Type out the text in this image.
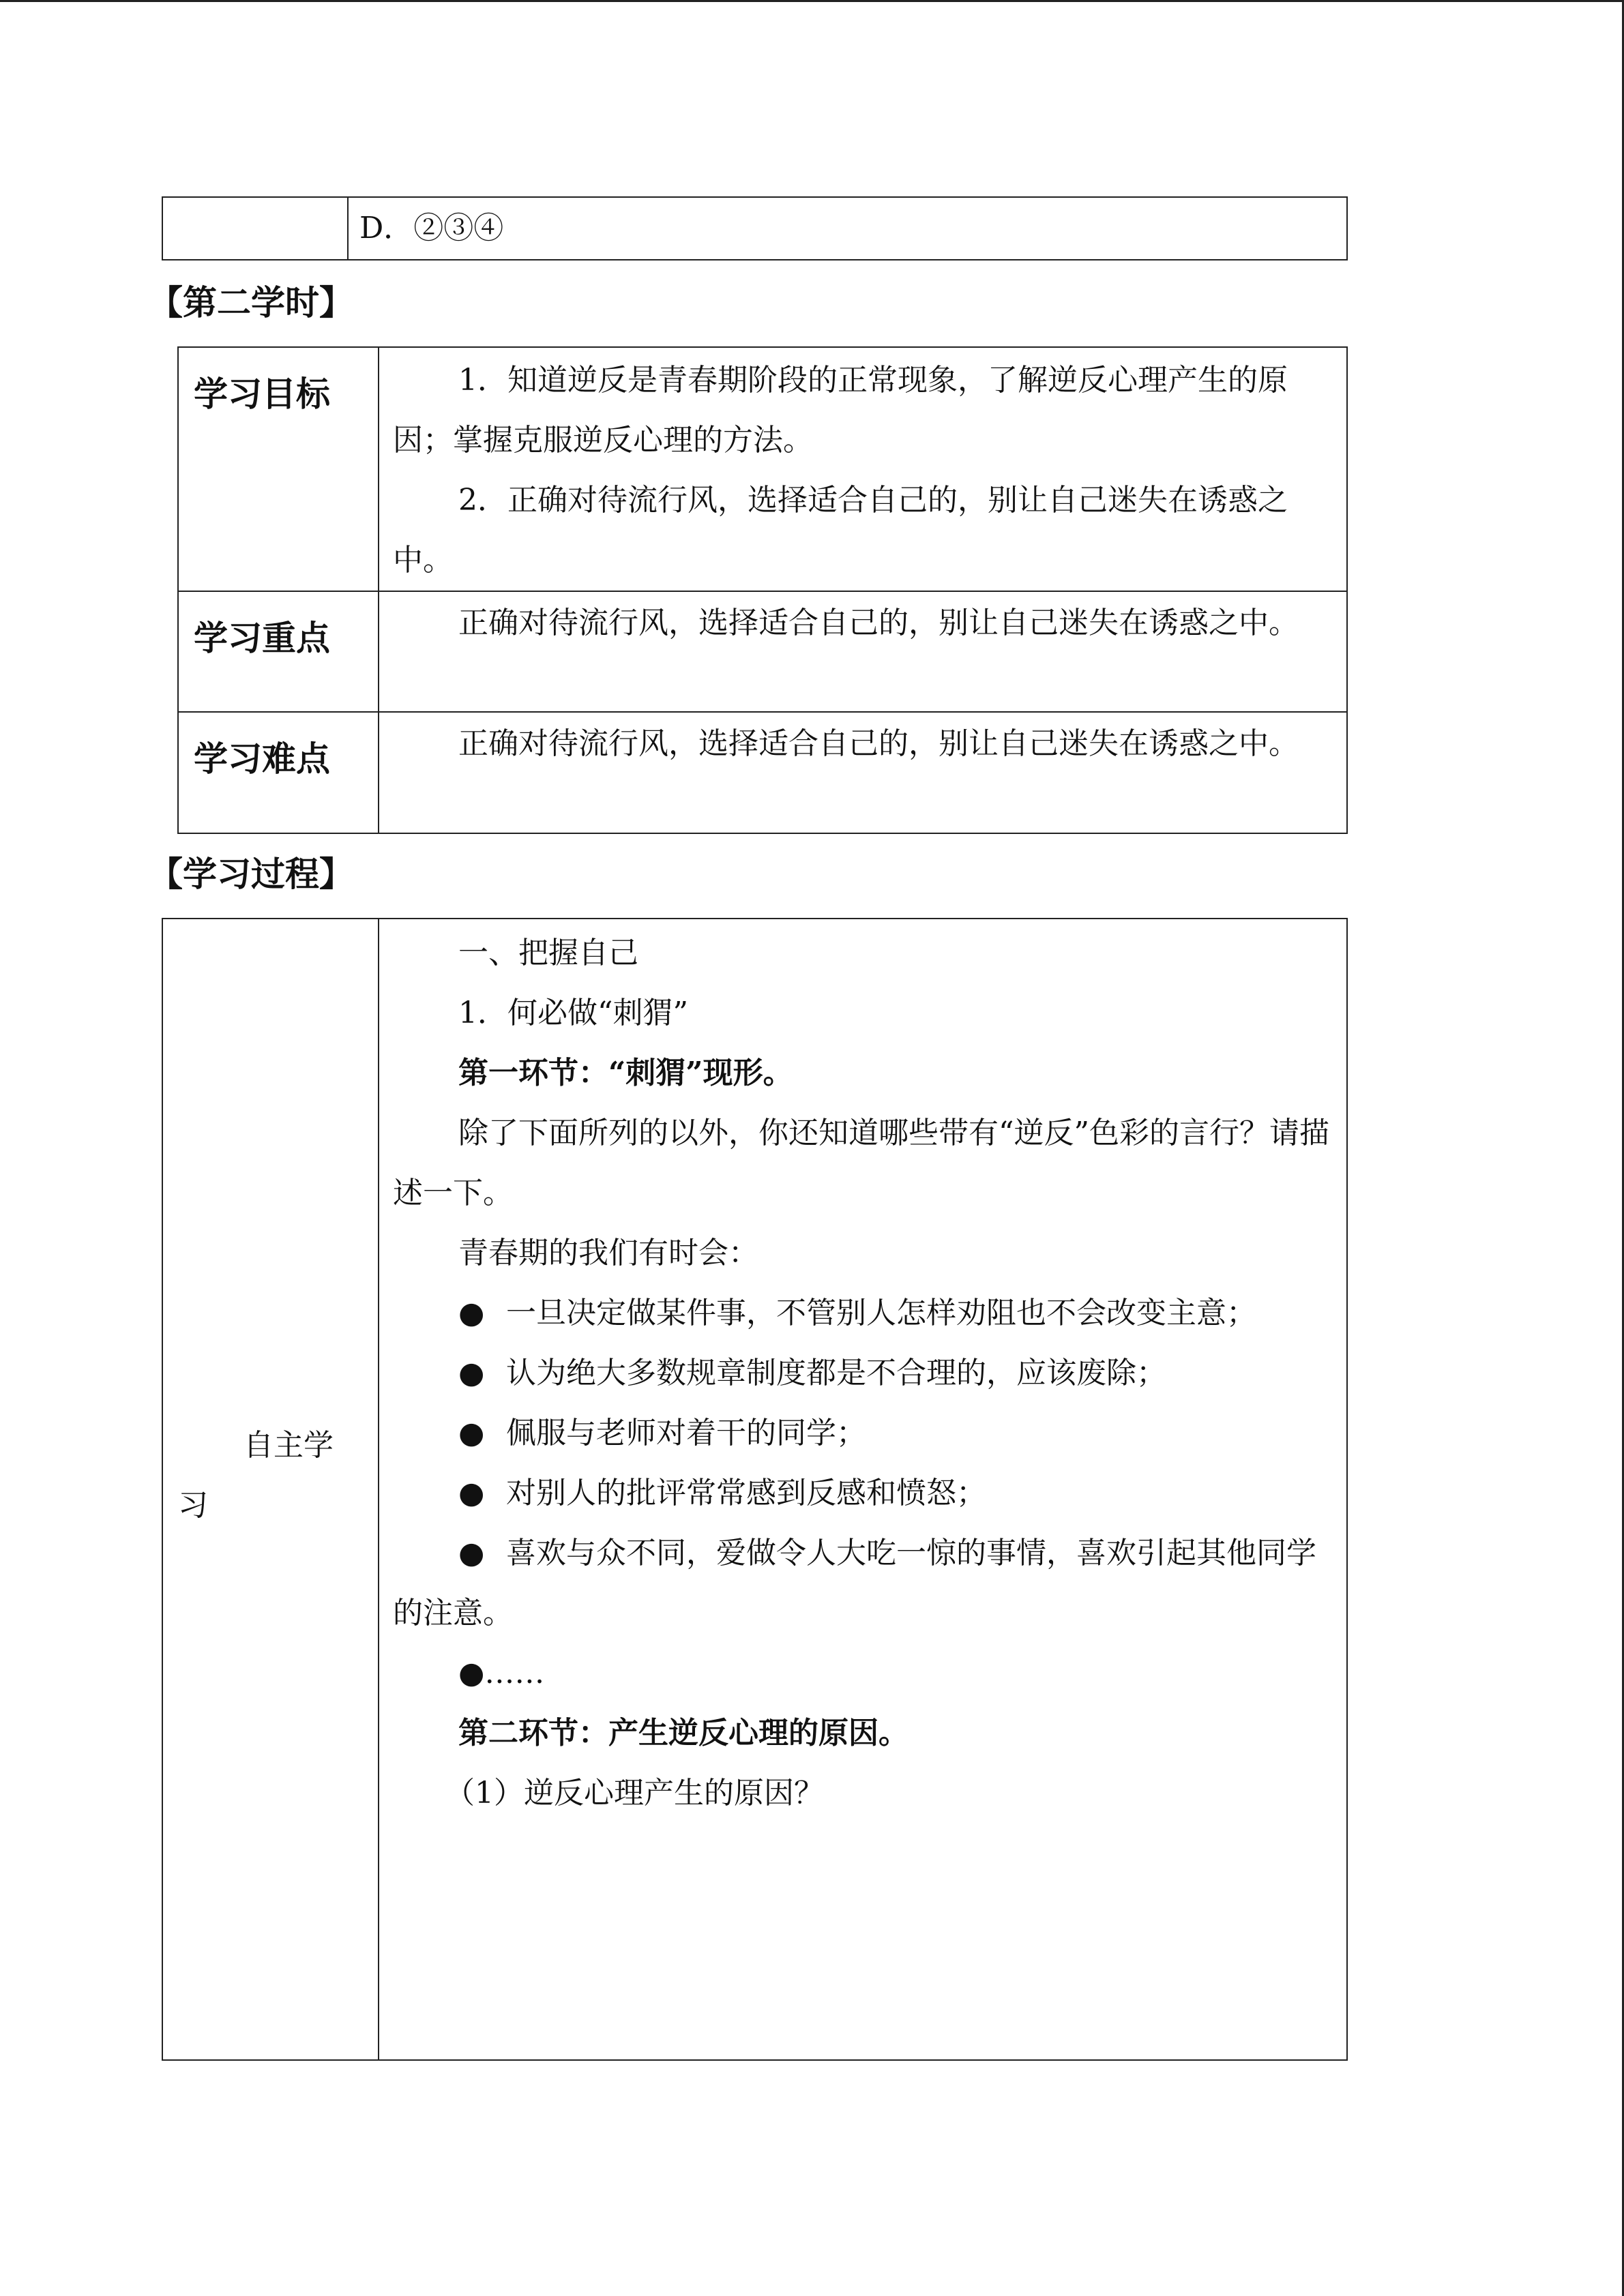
	D．②③④
【第二学时】
学习目标	1．知道逆反是青春期阶段的正常现象，了解逆反心理产生的原因；掌握克服逆反心理的方法。

2．正确对待流行风，选择适合自己的，别让自己迷失在诱惑之中。

学习重点	正确对待流行风，选择适合自己的，别让自己迷失在诱惑之中。

学习难点	正确对待流行风，选择适合自己的，别让自己迷失在诱惑之中。

【学习过程】
自主学习

一、把握自己

1．何必做“刺猬”

第一环节：“刺猬”现形。

除了下面所列的以外，你还知道哪些带有“逆反”色彩的言行？请描述一下。

青春期的我们有时会：

● 一旦决定做某件事，不管别人怎样劝阻也不会改变主意；

● 认为绝大多数规章制度都是不合理的，应该废除；

● 佩服与老师对着干的同学；

● 对别人的批评常常感到反感和愤怒；

● 喜欢与众不同，爱做令人大吃一惊的事情，喜欢引起其他同学的注意。

●……

第二环节：产生逆反心理的原因。

（1）逆反心理产生的原因？
